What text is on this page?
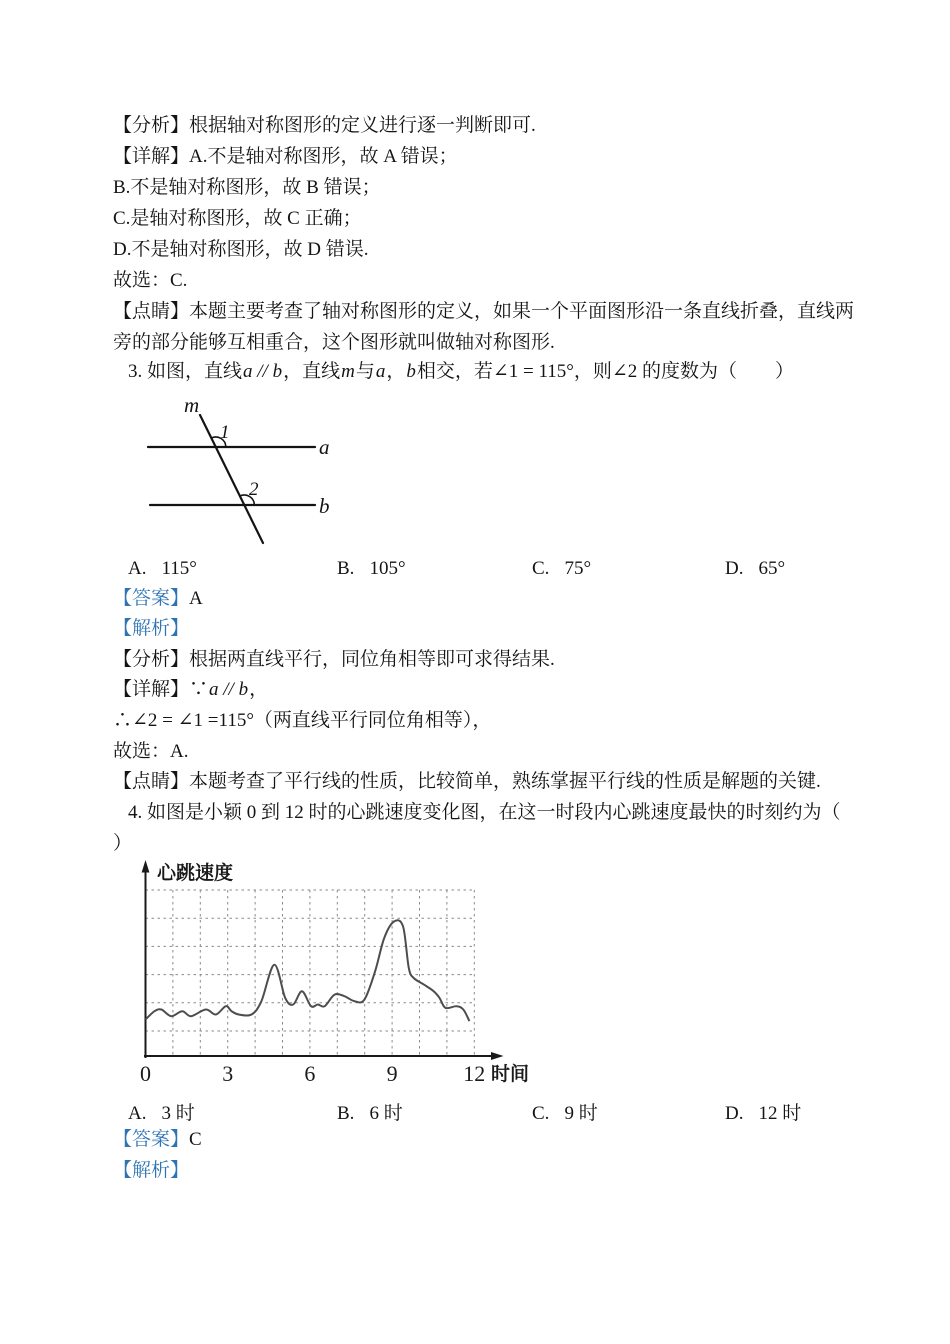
【分析】根据轴对称图形的定义进行逐一判断即可.
【详解】A.不是轴对称图形，故 A 错误；
B.不是轴对称图形，故 B 错误；
C.是轴对称图形，故 C 正确；
D.不是轴对称图形，故 D 错误.
故选：C.
【点睛】本题主要考查了轴对称图形的定义，如果一个平面图形沿一条直线折叠，直线两
旁的部分能够互相重合，这个图形就叫做轴对称图形.
3. 如图，直线a // b，直线m与a，b相交，若∠1 = 115°，则∠2 的度数为（　　）
m
a
b
1
2
A. 115°	B. 105°	C. 75°	D. 65°
【答案】A
【解析】
【分析】根据两直线平行，同位角相等即可求得结果.
【详解】∵a // b，
∴∠2 = ∠1 =115°（两直线平行同位角相等），
故选：A.
【点睛】本题考查了平行线的性质，比较简单，熟练掌握平行线的性质是解题的关键.
4. 如图是小颖 0 到 12 时的心跳速度变化图，在这一时段内心跳速度最快的时刻约为（
）
0	3	6	9	12
心跳速度
时间
A. 3 时	B. 6 时	C. 9 时	D. 12 时
【答案】C
【解析】
